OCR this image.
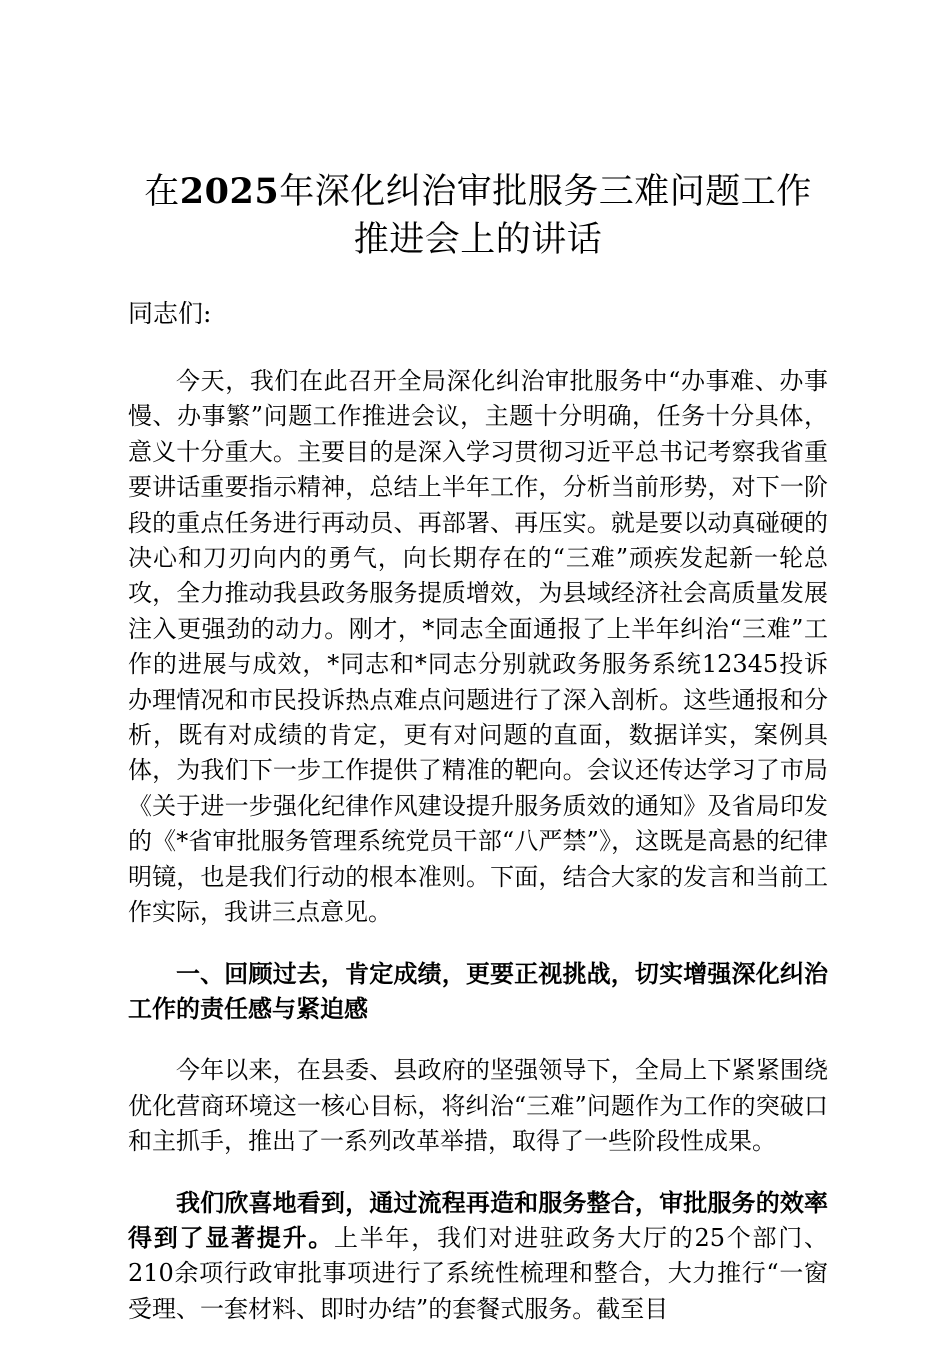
在2025年深化纠治审批服务三难问题工作推进会上的讲话
同志们:

今天，我们在此召开全局深化纠治审批服务中“办事难、办事慢、办事繁”问题工作推进会议，主题十分明确，任务十分具体，意义十分重大。主要目的是深入学习贯彻习近平总书记考察我省重要讲话重要指示精神，总结上半年工作，分析当前形势，对下一阶段的重点任务进行再动员、再部署、再压实。就是要以动真碰硬的决心和刀刃向内的勇气，向长期存在的“三难”顽疾发起新一轮总攻，全力推动我县政务服务提质增效，为县域经济社会高质量发展注入更强劲的动力。刚才，*同志全面通报了上半年纠治“三难”工作的进展与成效，*同志和*同志分别就政务服务系统12345投诉办理情况和市民投诉热点难点问题进行了深入剖析。这些通报和分析，既有对成绩的肯定，更有对问题的直面，数据详实，案例具体，为我们下一步工作提供了精准的靶向。会议还传达学习了市局《关于进一步强化纪律作风建设提升服务质效的通知》及省局印发的《*省审批服务管理系统党员干部“八严禁”》，这既是高悬的纪律明镜，也是我们行动的根本准则。下面，结合大家的发言和当前工作实际，我讲三点意见。

一、回顾过去，肯定成绩，更要正视挑战，切实增强深化纠治工作的责任感与紧迫感

今年以来，在县委、县政府的坚强领导下，全局上下紧紧围绕优化营商环境这一核心目标，将纠治“三难”问题作为工作的突破口和主抓手，推出了一系列改革举措，取得了一些阶段性成果。

我们欣喜地看到，通过流程再造和服务整合，审批服务的效率得到了显著提升。上半年，我们对进驻政务大厅的25个部门、210余项行政审批事项进行了系统性梳理和整合，大力推行“一窗受理、一套材料、即时办结”的套餐式服务。截至目
